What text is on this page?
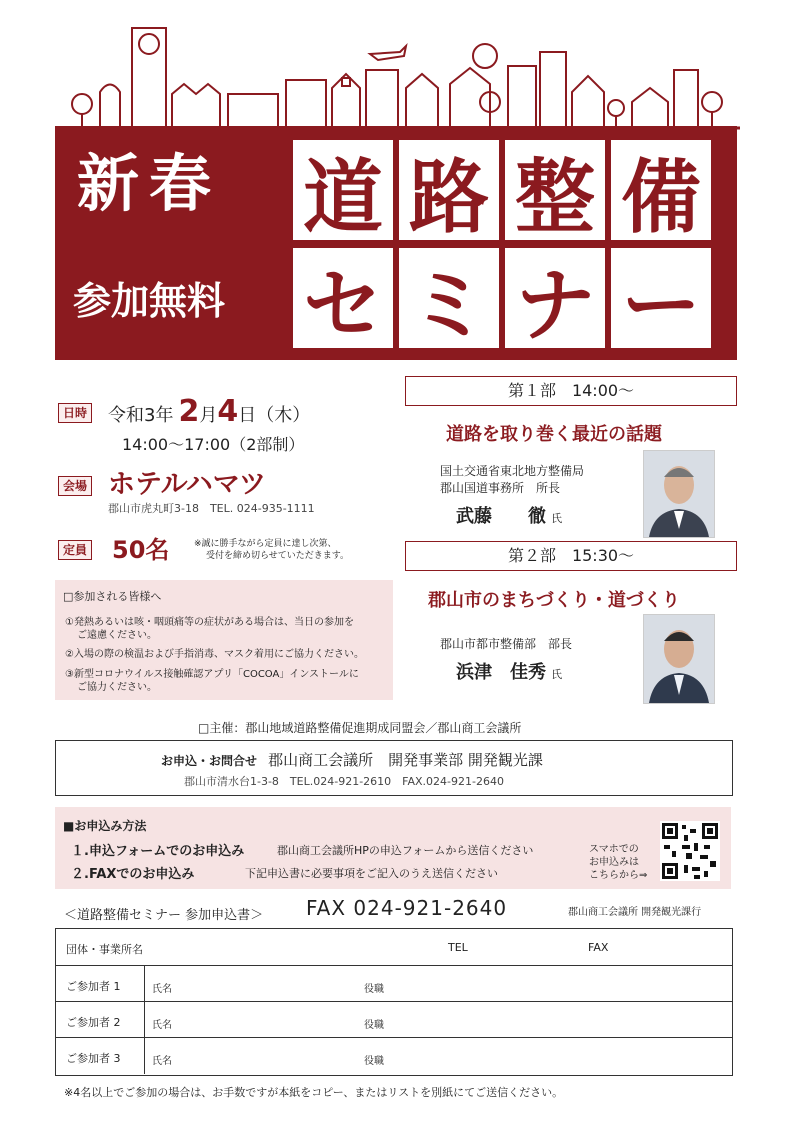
新春 道 路 整 備
参加無料 セ ミ ナ ー
日時 令和3年 2月4日（木）
14:00～17:00（2部制）
会場 ホテルハマツ
郡山市虎丸町3-18　TEL. 024-935-1111
定員 50名	※誠に勝手ながら定員に達し次第、
受付を締め切らせていただきます。

□参加される皆様へ

①発熱あるいは咳・咽頭痛等の症状がある場合は、当日の参加を

ご遠慮ください。

②入場の際の検温および手指消毒、マスク着用にご協力ください。

③新型コロナウイルス接触確認アプリ「COCOA」インストールに

ご協力ください。

第１部　14:00～
道路を取り巻く最近の話題
国土交通省東北地方整備局
郡山国道事務所　所長
武藤　　徹 氏
第２部　15:30～
郡山市のまちづくり・道づくり
郡山市都市整備部　部長
浜津　佳秀 氏
□主催：郡山地域道路整備促進期成同盟会／郡山商工会議所
お申込・お問合せ 郡山商工会議所　開発事業部 開発観光課
郡山市清水台1-3-8　TEL.024-921-2610　FAX.024-921-2640
■お申込み方法
１.申込フォームでのお申込み	郡山商工会議所HPの申込フォームから送信ください
２.FAXでのお申込み	下記申込書に必要事項をご記入のうえ送信ください
スマホでの
お申込みは
こちらから⇒
＜道路整備セミナー 参加申込書＞ FAX 024-921-2640	郡山商工会議所 開発観光課行
団体・事業所名	TEL	FAX
ご参加者 1	氏名	役職
ご参加者 2	氏名	役職
ご参加者 3	氏名	役職
※4名以上でご参加の場合は、お手数ですが本紙をコピー、またはリストを別紙にてご送信ください。
